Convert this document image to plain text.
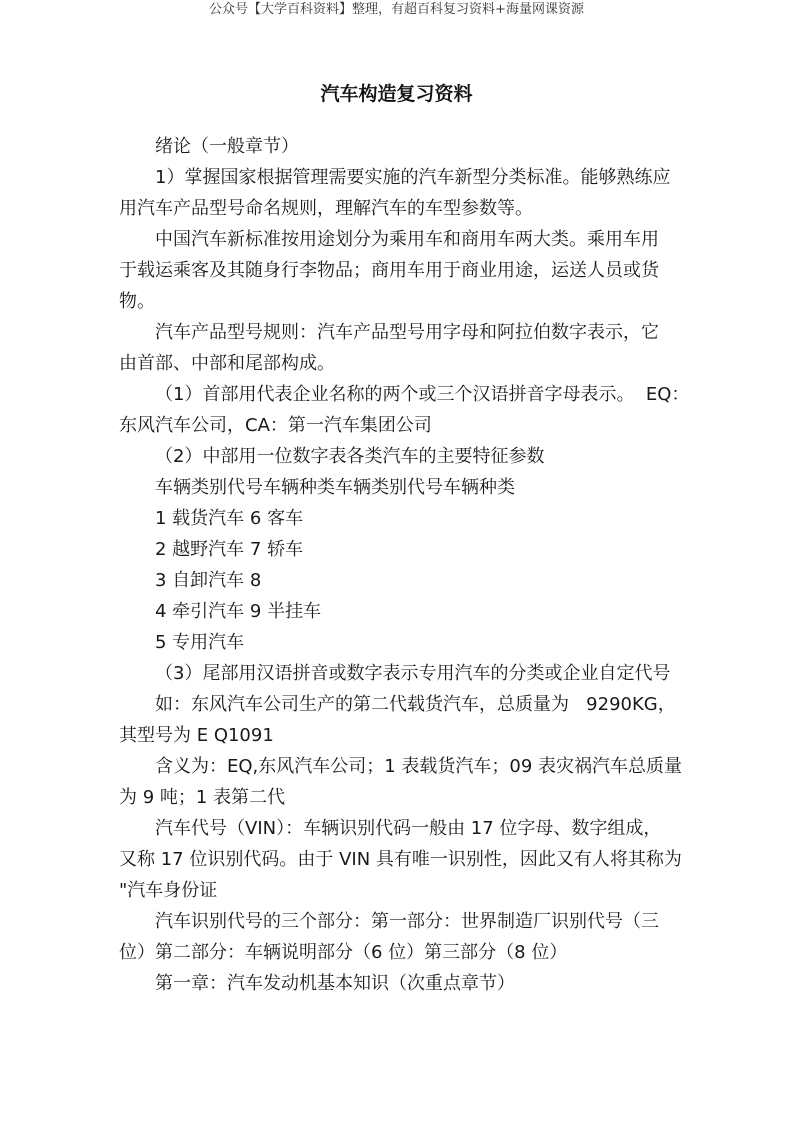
公众号【大学百科资料】整理，有超百科复习资料+海量网课资源
汽车构造复习资料
绪论（一般章节）
1）掌握国家根据管理需要实施的汽车新型分类标准。能够熟练应
用汽车产品型号命名规则，理解汽车的车型参数等。
中国汽车新标准按用途划分为乘用车和商用车两大类。乘用车用
于载运乘客及其随身行李物品；商用车用于商业用途，运送人员或货
物。
汽车产品型号规则：汽车产品型号用字母和阿拉伯数字表示，它
由首部、中部和尾部构成。
（1）首部用代表企业名称的两个或三个汉语拼音字母表示。  EQ：
东风汽车公司，CA：第一汽车集团公司
（2）中部用一位数字表各类汽车的主要特征参数
车辆类别代号车辆种类车辆类别代号车辆种类
1 载货汽车 6 客车
2 越野汽车 7 轿车
3 自卸汽车 8
4 牵引汽车 9 半挂车
5 专用汽车
（3）尾部用汉语拼音或数字表示专用汽车的分类或企业自定代号
如：东风汽车公司生产的第二代载货汽车，总质量为   9290KG，
其型号为 E Q1091
含义为：EQ,东风汽车公司；1 表载货汽车；09 表灾祸汽车总质量
为 9 吨；1 表第二代
汽车代号（VIN）：车辆识别代码一般由 17 位字母、数字组成，
又称 17 位识别代码。由于 VIN 具有唯一识别性，因此又有人将其称为
"汽车身份证
汽车识别代号的三个部分：第一部分：世界制造厂识别代号（三
位）第二部分：车辆说明部分（6 位）第三部分（8 位）
第一章：汽车发动机基本知识（次重点章节）
